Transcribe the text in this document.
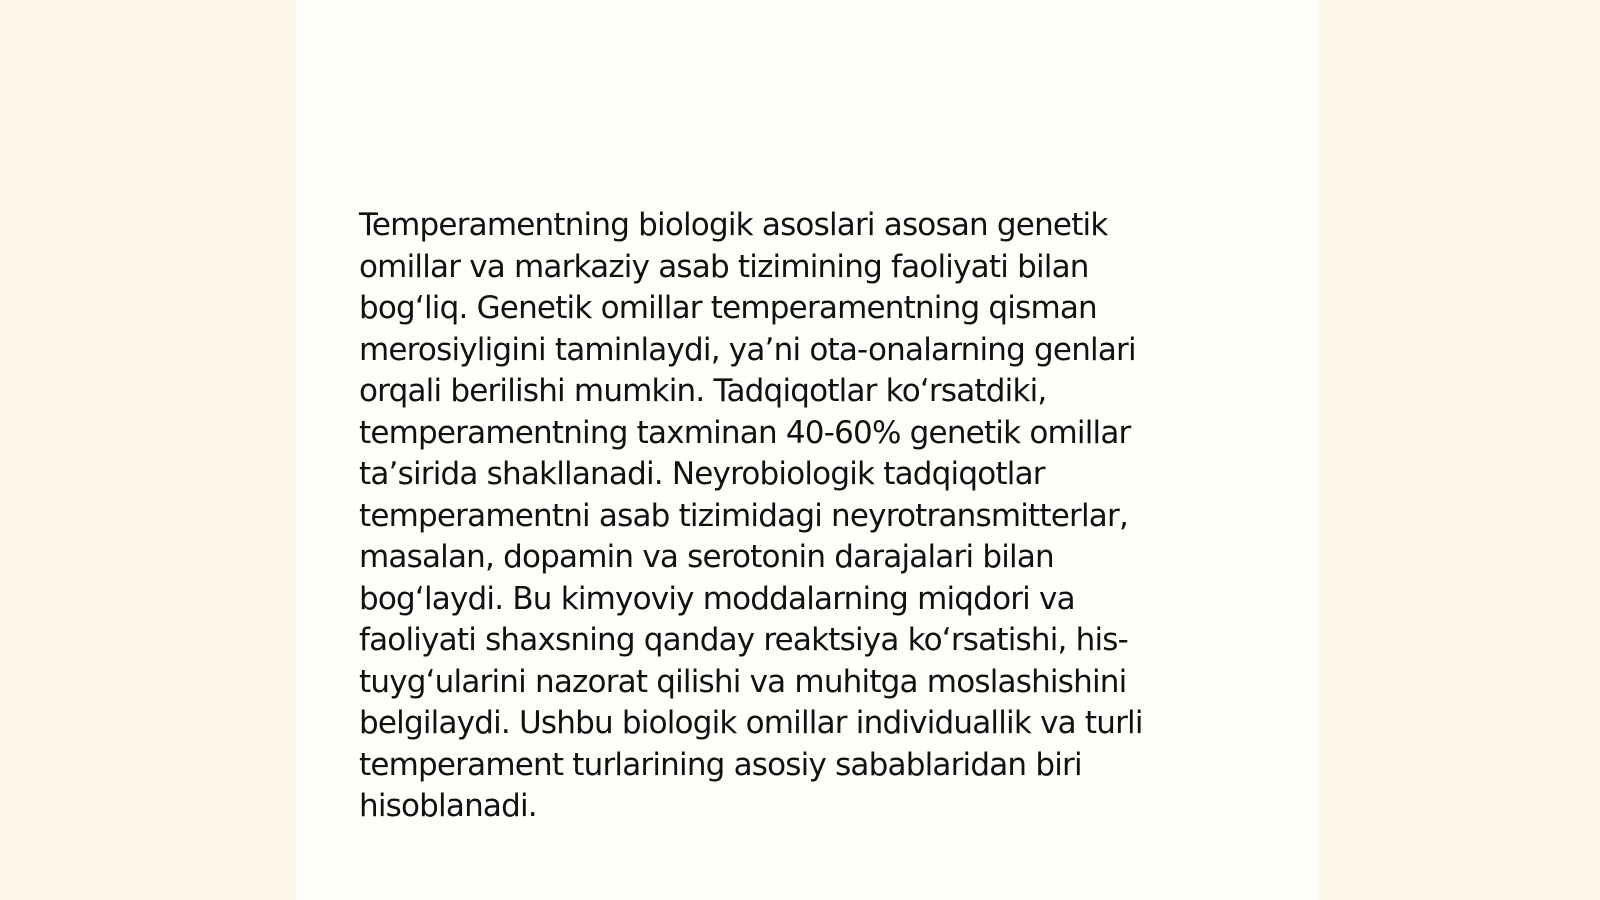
Temperamentning biologik asoslari asosan genetik
omillar va markaziy asab tizimining faoliyati bilan
bog‘liq. Genetik omillar temperamentning qisman
merosiyligini taminlaydi, ya’ni ota-onalarning genlari
orqali berilishi mumkin. Tadqiqotlar ko‘rsatdiki,
temperamentning taxminan 40-60% genetik omillar
ta’sirida shakllanadi. Neyrobiologik tadqiqotlar
temperamentni asab tizimidagi neyrotransmitterlar,
masalan, dopamin va serotonin darajalari bilan
bog‘laydi. Bu kimyoviy moddalarning miqdori va
faoliyati shaxsning qanday reaktsiya ko‘rsatishi, his-
tuyg‘ularini nazorat qilishi va muhitga moslashishini
belgilaydi. Ushbu biologik omillar individuallik va turli
temperament turlarining asosiy sabablaridan biri
hisoblanadi.
